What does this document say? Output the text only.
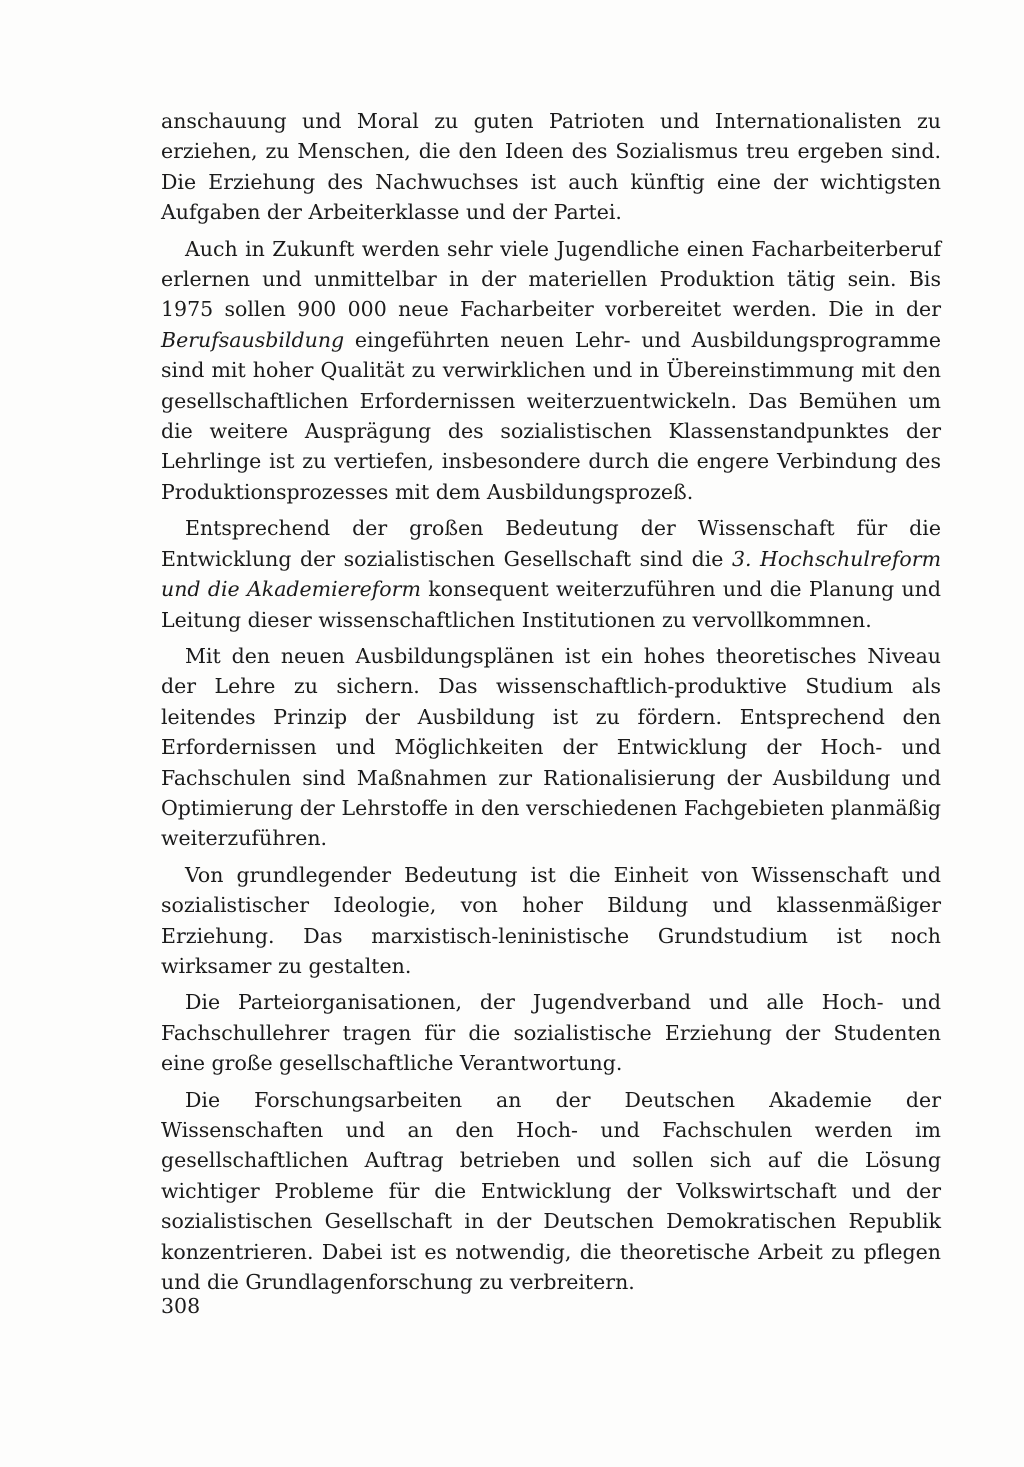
anschauung und Moral zu guten Patrioten und Internationalisten zu erziehen, zu Menschen, die den Ideen des Sozialismus treu ergeben sind. Die Erziehung des Nachwuchses ist auch künftig eine der wichtigsten Aufgaben der Arbeiterklasse und der Partei.

Auch in Zukunft werden sehr viele Jugendliche einen Facharbeiterberuf erlernen und unmittelbar in der materiellen Produktion tätig sein. Bis 1975 sollen 900 000 neue Facharbeiter vorbereitet werden. Die in der Berufsausbildung eingeführten neuen Lehr- und Ausbildungsprogramme sind mit hoher Qualität zu verwirklichen und in Übereinstimmung mit den gesellschaftlichen Erfordernissen weiterzuentwickeln. Das Bemühen um die weitere Ausprägung des sozialistischen Klassenstandpunktes der Lehrlinge ist zu vertiefen, insbesondere durch die engere Verbindung des Produktionsprozesses mit dem Ausbildungsprozeß.

Entsprechend der großen Bedeutung der Wissenschaft für die Entwicklung der sozialistischen Gesellschaft sind die 3. Hochschulreform und die Akademiereform konsequent weiterzuführen und die Planung und Leitung dieser wissenschaftlichen Institutionen zu vervollkommnen.

Mit den neuen Ausbildungsplänen ist ein hohes theoretisches Niveau der Lehre zu sichern. Das wissenschaftlich-produktive Studium als leitendes Prinzip der Ausbildung ist zu fördern. Entsprechend den Erfordernissen und Möglichkeiten der Entwicklung der Hoch- und Fachschulen sind Maßnahmen zur Rationalisierung der Ausbildung und Optimierung der Lehrstoffe in den verschiedenen Fachgebieten planmäßig weiterzuführen.

Von grundlegender Bedeutung ist die Einheit von Wissenschaft und sozialistischer Ideologie, von hoher Bildung und klassenmäßiger Erziehung. Das marxistisch-leninistische Grundstudium ist noch wirksamer zu gestalten.

Die Parteiorganisationen, der Jugendverband und alle Hoch- und Fachschullehrer tragen für die sozialistische Erziehung der Studenten eine große gesellschaftliche Verantwortung.

Die Forschungsarbeiten an der Deutschen Akademie der Wissenschaften und an den Hoch- und Fachschulen werden im gesellschaftlichen Auftrag betrieben und sollen sich auf die Lösung wichtiger Probleme für die Entwicklung der Volkswirtschaft und der sozialistischen Gesellschaft in der Deutschen Demokratischen Republik konzentrieren. Dabei ist es notwendig, die theoretische Arbeit zu pflegen und die Grundlagenforschung zu verbreitern.

308
